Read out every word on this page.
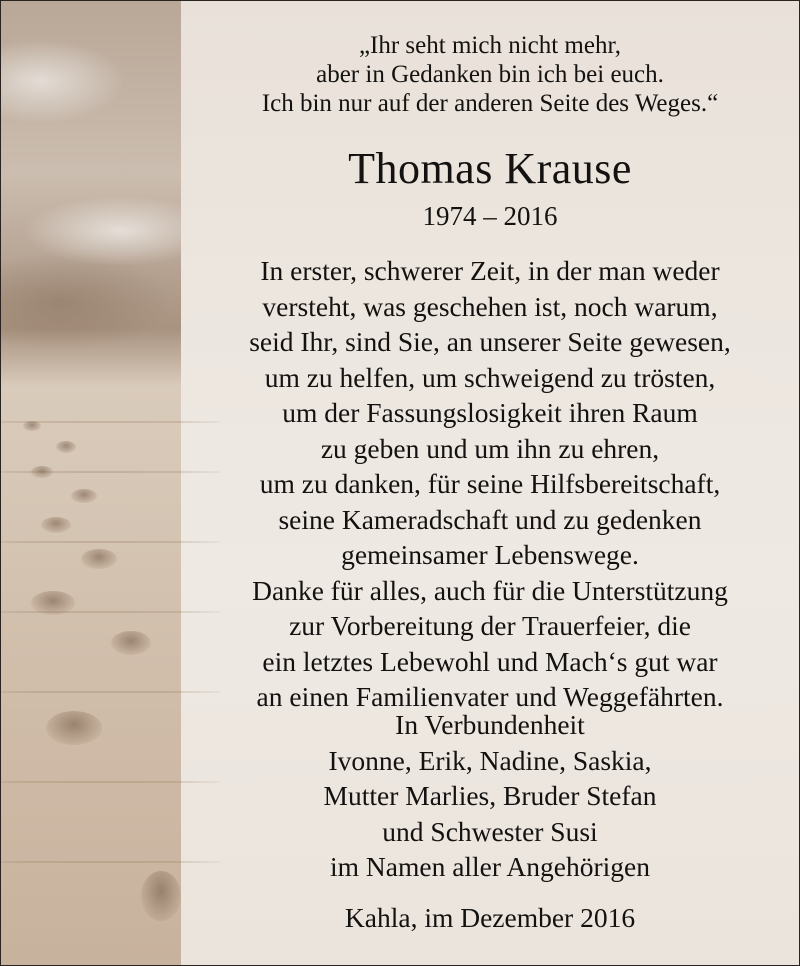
„Ihr seht mich nicht mehr,
aber in Gedanken bin ich bei euch.
Ich bin nur auf der anderen Seite des Weges.“
Thomas Krause
1974 – 2016
In erster, schwerer Zeit, in der man weder
versteht, was geschehen ist, noch warum,
seid Ihr, sind Sie, an unserer Seite gewesen,
um zu helfen, um schweigend zu trösten,
um der Fassungslosigkeit ihren Raum
zu geben und um ihn zu ehren,
um zu danken, für seine Hilfsbereitschaft,
seine Kameradschaft und zu gedenken
gemeinsamer Lebenswege.
Danke für alles, auch für die Unterstützung
zur Vorbereitung der Trauerfeier, die
ein letztes Lebewohl und Mach‘s gut war
an einen Familienvater und Weggefährten.
In Verbundenheit
Ivonne, Erik, Nadine, Saskia,
Mutter Marlies, Bruder Stefan
und Schwester Susi
im Namen aller Angehörigen
Kahla, im Dezember 2016
